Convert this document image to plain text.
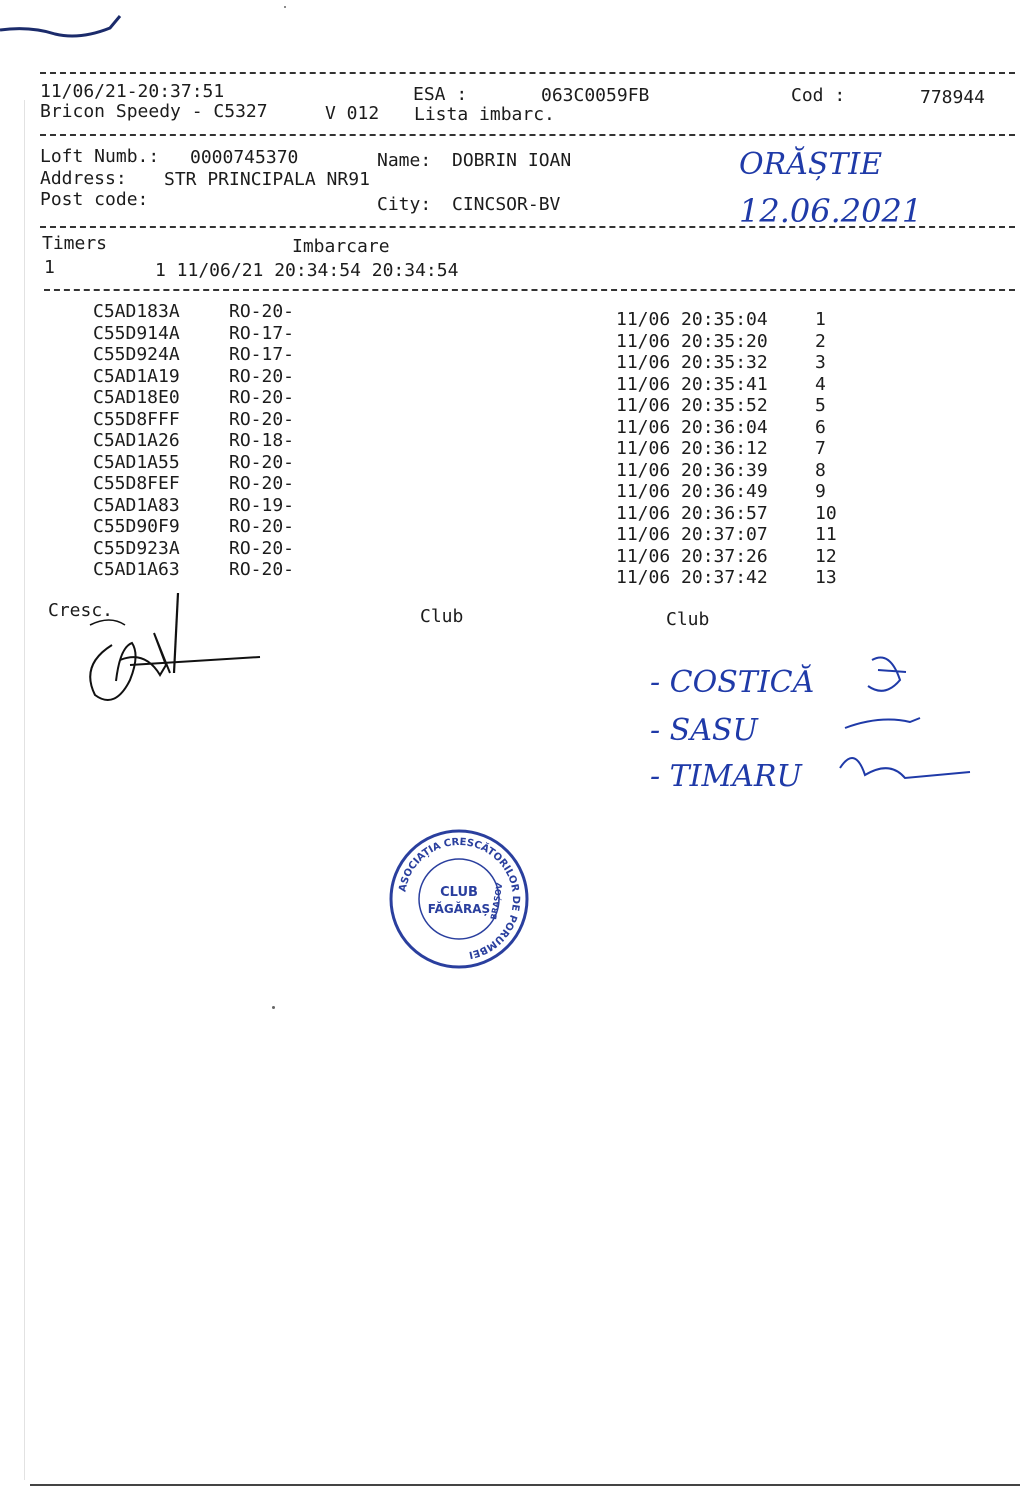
11/06/21-20:37:51	ESA :	063C0059FB	Cod :	778944
Bricon Speedy - C5327	V 012 Lista imbarc.
Loft Numb.: 0000745370	Name: DOBRIN IOAN
Address: STR PRINCIPALA NR91
Post code:	City: CINCSOR-BV
ORĂȘTIE
12.06.2021
Timers	Imbarcare
1	1 11/06/21 20:34:54 20:34:54
C5AD183A	RO-20-	11/06 20:35:04	1
C55D914A	RO-17-	11/06 20:35:20	2
C55D924A	RO-17-	11/06 20:35:32	3
C5AD1A19	RO-20-	11/06 20:35:41	4
C5AD18E0	RO-20-	11/06 20:35:52	5
C55D8FFF	RO-20-	11/06 20:36:04	6
C5AD1A26	RO-18-	11/06 20:36:12	7
C5AD1A55	RO-20-	11/06 20:36:39	8
C55D8FEF	RO-20-	11/06 20:36:49	9
C5AD1A83	RO-19-	11/06 20:36:57	10
C55D90F9	RO-20-	11/06 20:37:07	11
C55D923A	RO-20-	11/06 20:37:26	12
C5AD1A63	RO-20-	11/06 20:37:42	13
Cresc.	Club	Club
- COSTICĂ
- SASU
- TIMARU
ASOCIAȚIA CRESCĂTORILOR DE PORUMBEI
BRAȘOV
CLUB
FĂGĂRAȘ
